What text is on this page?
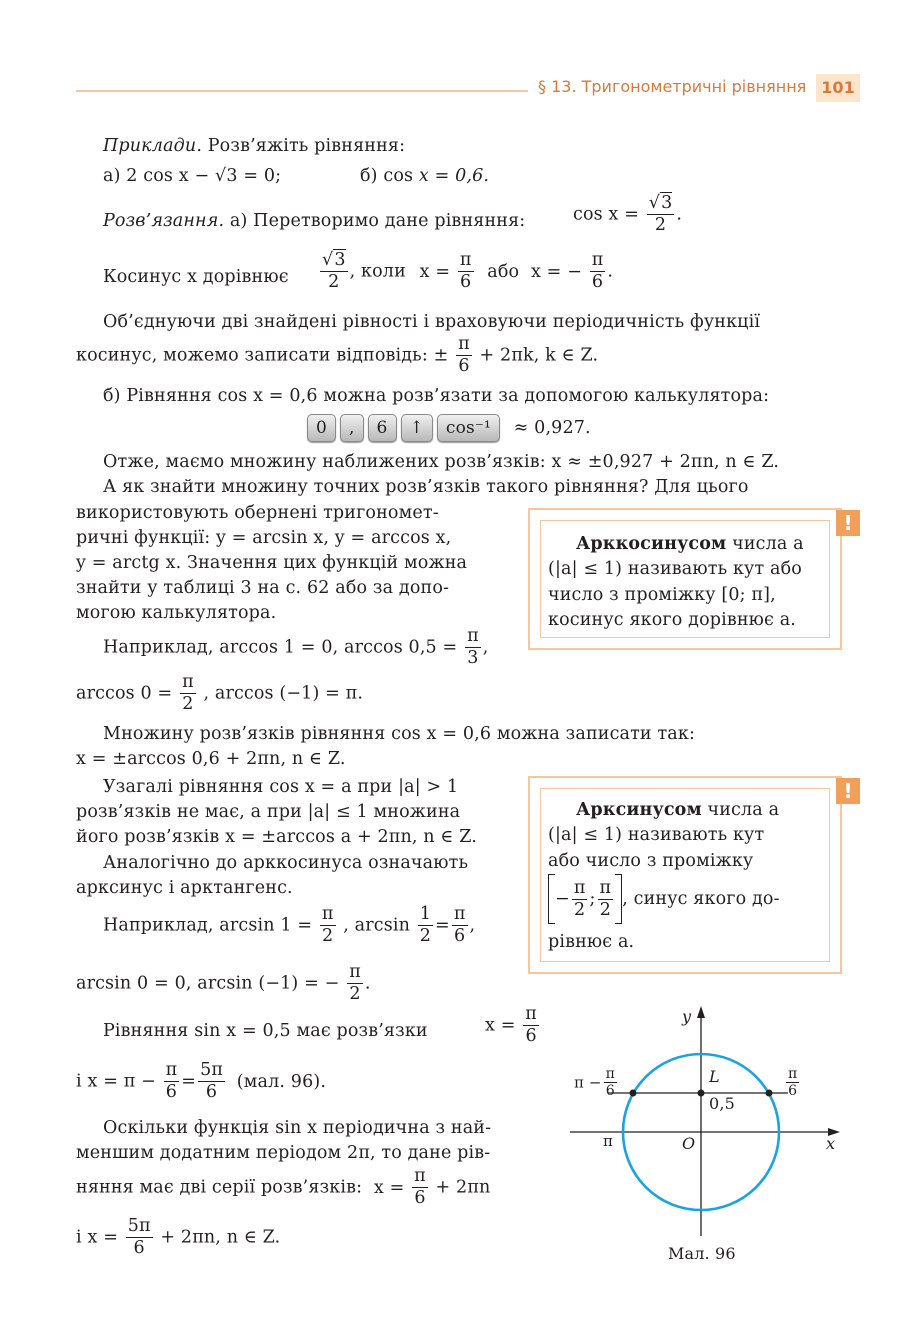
§ 13. Тригонометричні рівняння 101
Приклади. Розв’яжіть рівняння:
а) 2 cos x − √3 = 0;	б) cos x = 0,6.
Розв’язання. а) Перетворимо дане рівняння:	$\cos x = \frac{√3}{2}$ .
Косинус x дорівнює $\frac{√3}{2}$ , коли $x = \frac{\pi}{6}$ або x = − $\frac{\pi}{6}$ .
Об’єднуючи дві знайдені рівності і враховуючи періодичність функції
косинус, можемо записати відповідь: ± $\frac{\pi}{6} + 2\pi k$, k ∈ Z.
б) Рівняння cos x = 0,6 можна розв’язати за допомогою калькулятора:
0 , 6 ↑ cos⁻¹ ≈ 0,927.
Отже, маємо множину наближених розв’язків: x ≈ ±0,927 + 2πn, n ∈ Z.
А як знайти множину точних розв’язків такого рівняння? Для цього
використовують обернені тригономет-
ричні функції: y = arcsin x, y = arccos x,
y = arctg x. Значення цих функцій можна
знайти у таблиці 3 на с. 62 або за допо-
могою калькулятора.
!
Арккосинусом числа a
(|a| ≤ 1) називають кут або
число з проміжку [0; π],
косинус якого дорівнює a.
Наприклад, arccos 1 = 0, $\arccos 0,5 = \frac{\pi}{3}$ ,
$\arccos 0 = \frac{\pi}{2}$ , arccos (−1) = π.
Множину розв’язків рівняння cos x = 0,6 можна записати так:
x = ±arccos 0,6 + 2πn, n ∈ Z.
Узагалі рівняння cos x = a при |a| > 1
розв’язків не має, а при |a| ≤ 1 множина
його розв’язків x = ±arccos a + 2πn, n ∈ Z.
Аналогічно до арккосинуса означають
арксинус і арктангенс.
!
Арксинусом числа a
(|a| ≤ 1) називають кут
або число з проміжку
− $\frac{\pi}{2}$ ; $\frac{\pi}{2}$ , синус якого до-
рівнює a.
Наприклад, $\arcsin 1 = \frac{\pi}{2}$ , $\arcsin \frac{1}{2} = \frac{\pi}{6}$ ,
arcsin 0 = 0, arcsin (−1) = − $\frac{\pi}{2}$ .
Рівняння sin x = 0,5 має розв’язки	$x = \frac{\pi}{6}$
і $x = \pi - \frac{\pi}{6} = \frac{5\pi}{6} (мал$. 96).
Оскільки функція sin x періодична з най-
меншим додатним періодом 2π, то дане рів-
няння має дві серії розв’язків: $x = \frac{\pi}{6} + 2\pi n$
і $x = \frac{5\pi}{6} + 2\pi n$, n ∈ Z.
y
x
O
L
0,5
π
$\pi - \frac{\pi}{6}$	$\frac{\pi}{6}$
Мал. 96
